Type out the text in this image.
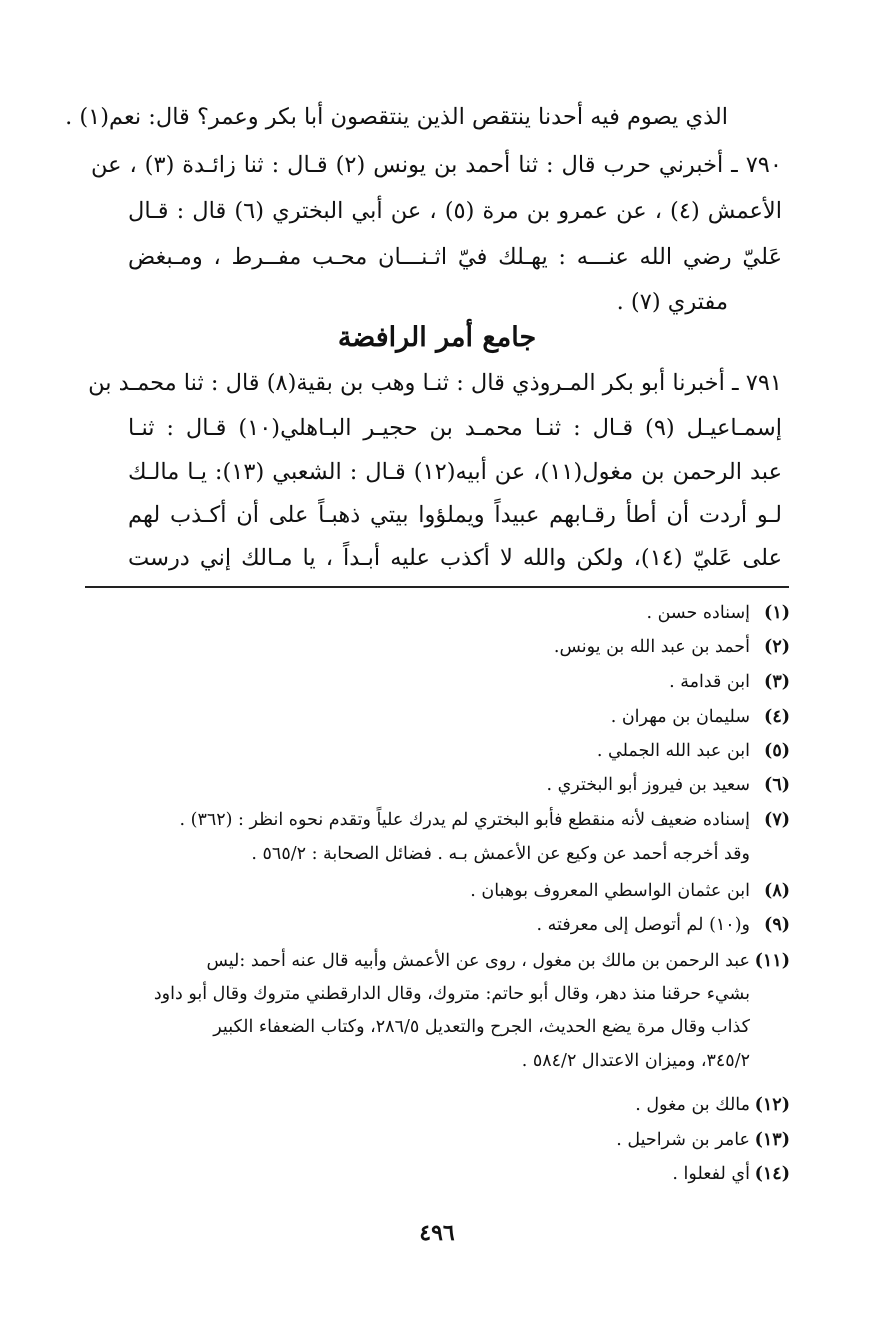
الذي يصوم فيه أحدنا ينتقص الذين ينتقصون أبا بكر وعمر؟ قال: نعم(١) .
٧٩٠ ـ أخبرني حرب قال : ثنا أحمد بن يونس (٢) قـال : ثنا زائـدة (٣) ، عن
الأعمش (٤) ، عن عمرو بن مرة (٥) ، عن أبي البختري (٦) قال : قـال
عَليّ رضي الله عنـــه : يهـلك فيّ اثـنـــان محـب مفــرط ، ومـبغض
مفتري (٧) .
جامع أمر الرافضة
٧٩١ ـ أخبرنا أبو بكر المـروذي قال : ثنـا وهب بن بقية(٨) قال : ثنا محمـد بن
إسمـاعيـل (٩) قـال : ثنـا محمـد بن حجيـر البـاهلي(١٠) قـال : ثنـا
عبد الرحمن بن مغول(١١)، عن أبيه(١٢) قـال : الشعبي (١٣): يـا مالـك
لـو أردت أن أطأ رقـابهم عبيداً ويملؤوا بيتي ذهبـاً على أن أكـذب لهم
على عَليّ (١٤)، ولكن والله لا أكذب عليه أبـداً ، يا مـالك إني درست
(١)إسناده حسن .
(٢)أحمد بن عبد الله بن يونس.
(٣)ابن قدامة .
(٤)سليمان بن مهران .
(٥)ابن عبد الله الجملي .
(٦)سعيد بن فيروز أبو البختري .
(٧)إسناده ضعيف لأنه منقطع فأبو البختري لم يدرك علياً وتقدم نحوه انظر : (٣٦٢) .
وقد أخرجه أحمد عن وكيع عن الأعمش بـه . فضائل الصحابة : ٥٦٥/٢ .
(٨)ابن عثمان الواسطي المعروف بوهبان .
(٩)و(١٠) لم أتوصل إلى معرفته .
(١١)عبد الرحمن بن مالك بن مغول ، روى عن الأعمش وأبيه قال عنه أحمد :ليس
بشيء حرقنا منذ دهر، وقال أبو حاتم: متروك، وقال الدارقطني متروك وقال أبو داود
كذاب وقال مرة يضع الحديث، الجرح والتعديل ٢٨٦/٥، وكتاب الضعفاء الكبير
٣٤٥/٢، وميزان الاعتدال ٥٨٤/٢ .
(١٢)مالك بن مغول .
(١٣)عامر بن شراحيل .
(١٤)أي لفعلوا .
٤٩٦
